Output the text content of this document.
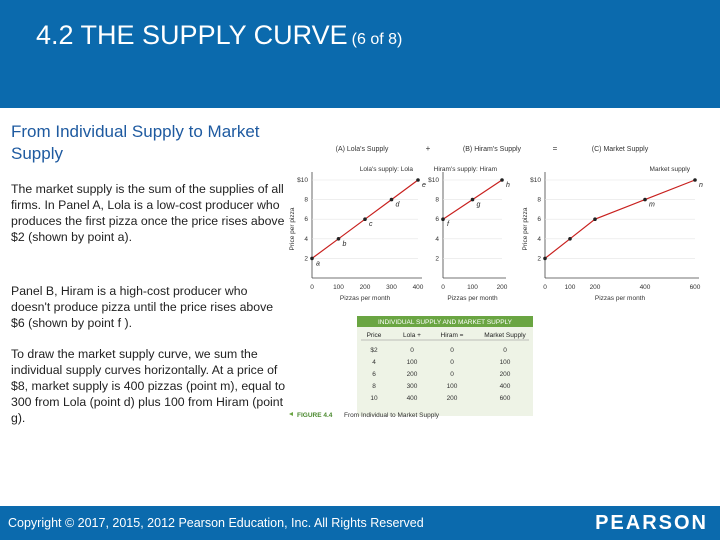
4.2 THE SUPPLY CURVE (6 of 8)
From Individual Supply to Market Supply
The market supply is the sum of the supplies of all firms. In Panel A, Lola is a low-cost producer who produces the first pizza once the price rises above $2 (shown by point a).
Panel B, Hiram is a high-cost producer who doesn't produce pizza until the price rises above $6 (shown by point f ).
To draw the market supply curve, we sum the individual supply curves horizontally. At a price of $8, market supply is 400 pizzas (point m), equal to 300 from Lola (point d) plus 100 from Hiram (point g).
(A) Lola's Supply	+
Lola's supply: Lola
$10
8
6
4
2
0	100 200 300 400
Pizzas per month
Price per pizza
a
b
c
d
e
(B) Hiram's Supply	=
Hiram's supply: Hiram
$10
8
6
4
2
0	100	200
Pizzas per month
f
g
h
(C) Market Supply
Market supply
$10
8
6
4
2
0	100 200	400	600
Pizzas per month
Price per pizza
m
n
INDIVIDUAL SUPPLY AND MARKET SUPPLY
Price	Lola +	Hiram =	Market Supply
$2	0	0	0
4	100	0	100
6	200	0	200
8	300	100	400
10	400	200	600
FIGURE 4.4 From Individual to Market Supply
Copyright © 2017, 2015, 2012 Pearson Education, Inc. All Rights Reserved	PEARSON
